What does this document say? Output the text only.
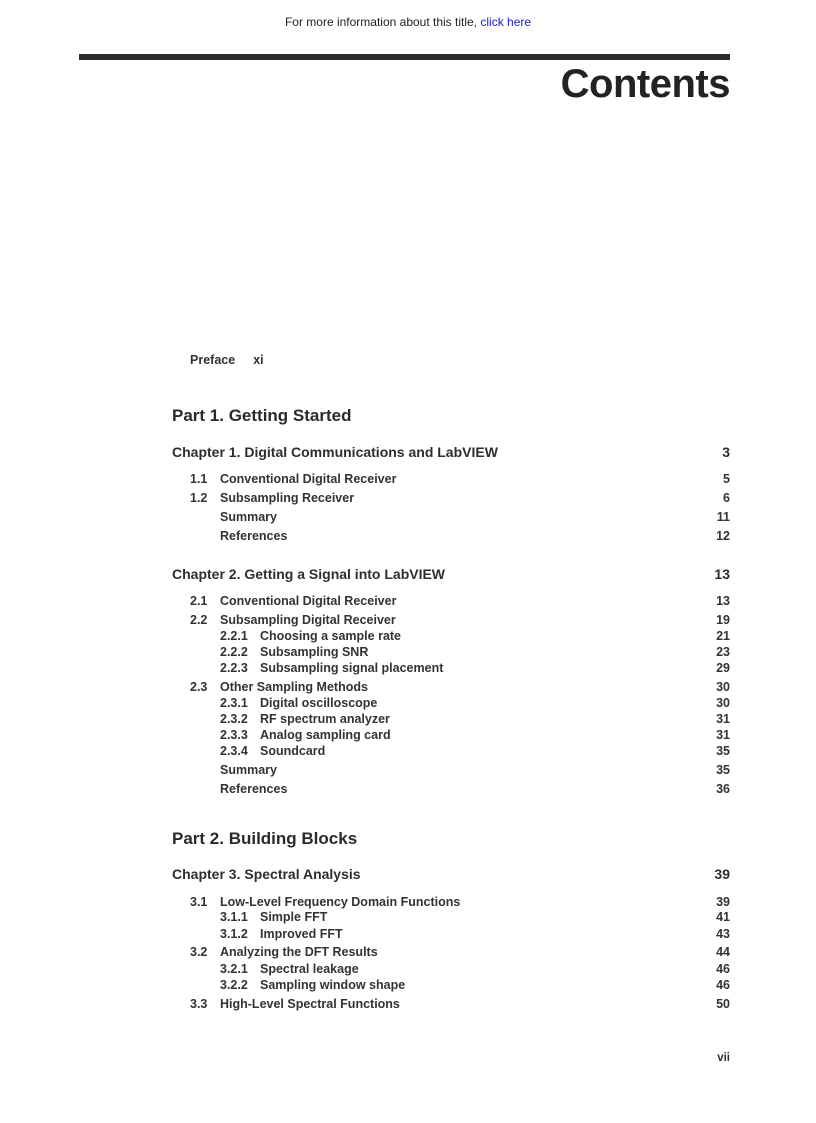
For more information about this title, click here
Contents
Preface xi
Part 1. Getting Started
Chapter 1. Digital Communications and LabVIEW	3
1.1	Conventional Digital Receiver	5
1.2	Subsampling Receiver	6
Summary	11
References	12
Chapter 2. Getting a Signal into LabVIEW	13
2.1	Conventional Digital Receiver	13
2.2	Subsampling Digital Receiver	19
2.2.1 Choosing a sample rate	21
2.2.2 Subsampling SNR	23
2.2.3 Subsampling signal placement	29
2.3	Other Sampling Methods	30
2.3.1 Digital oscilloscope	30
2.3.2 RF spectrum analyzer	31
2.3.3 Analog sampling card	31
2.3.4 Soundcard	35
Summary	35
References	36
Part 2. Building Blocks
Chapter 3. Spectral Analysis	39
3.1	Low-Level Frequency Domain Functions	39
3.1.1 Simple FFT	41
3.1.2 Improved FFT	43
3.2	Analyzing the DFT Results	44
3.2.1 Spectral leakage	46
3.2.2 Sampling window shape	46
3.3	High-Level Spectral Functions	50
vii
